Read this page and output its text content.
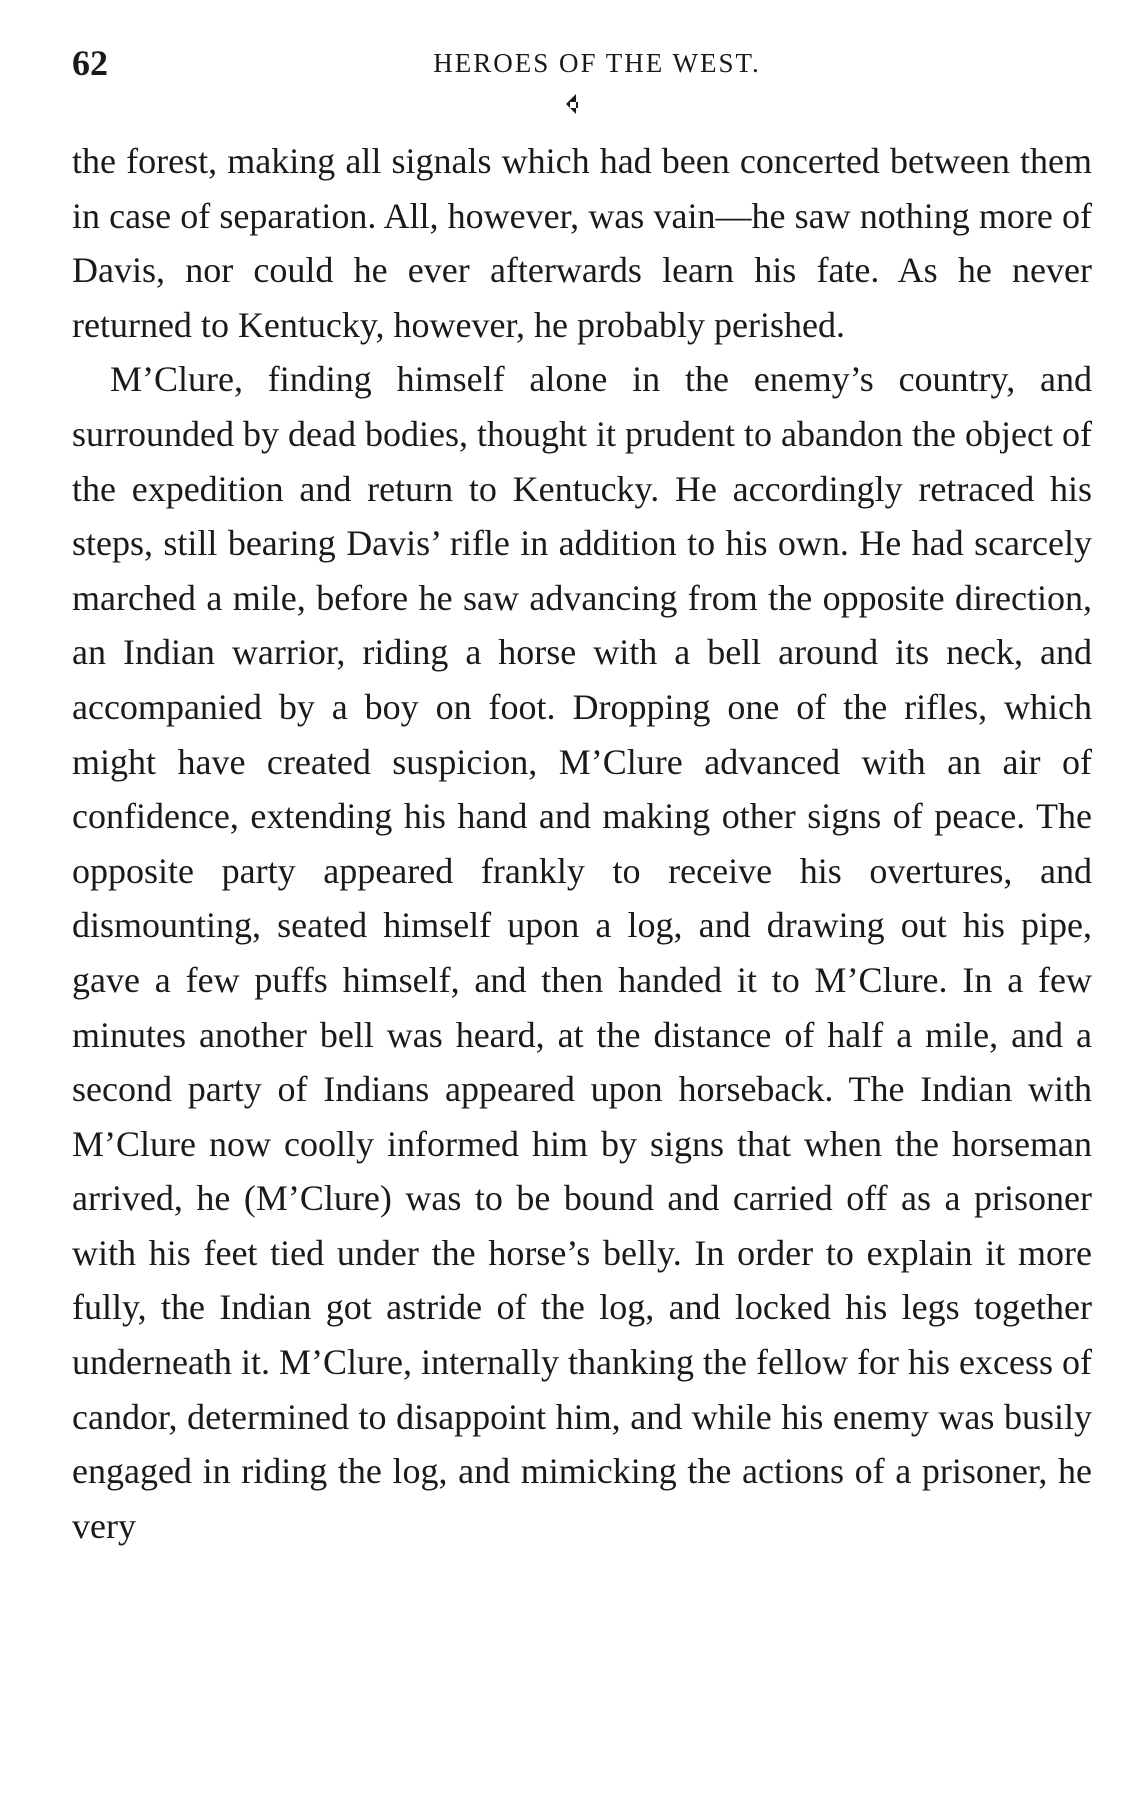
62	HEROES OF THE WEST.

the forest, making all signals which had been concerted between them in case of separation. All, however, was vain—he saw nothing more of Davis, nor could he ever afterwards learn his fate. As he never returned to Kentucky, however, he probably perished.

M’Clure, finding himself alone in the enemy’s country, and surrounded by dead bodies, thought it prudent to abandon the object of the expedition and return to Kentucky. He accordingly retraced his steps, still bearing Davis’ rifle in addition to his own. He had scarcely marched a mile, before he saw advancing from the opposite direction, an Indian warrior, riding a horse with a bell around its neck, and accompanied by a boy on foot. Dropping one of the rifles, which might have created suspicion, M’Clure advanced with an air of confidence, extending his hand and making other signs of peace. The opposite party appeared frankly to receive his overtures, and dismounting, seated himself upon a log, and drawing out his pipe, gave a few puffs himself, and then handed it to M’Clure. In a few minutes another bell was heard, at the distance of half a mile, and a second party of Indians appeared upon horseback. The Indian with M’Clure now coolly informed him by signs that when the horseman arrived, he (M’Clure) was to be bound and carried off as a prisoner with his feet tied under the horse’s belly. In order to explain it more fully, the Indian got astride of the log, and locked his legs together underneath it. M’Clure, internally thanking the fellow for his excess of candor, determined to disappoint him, and while his enemy was busily engaged in riding the log, and mimicking the actions of a prisoner, he very
